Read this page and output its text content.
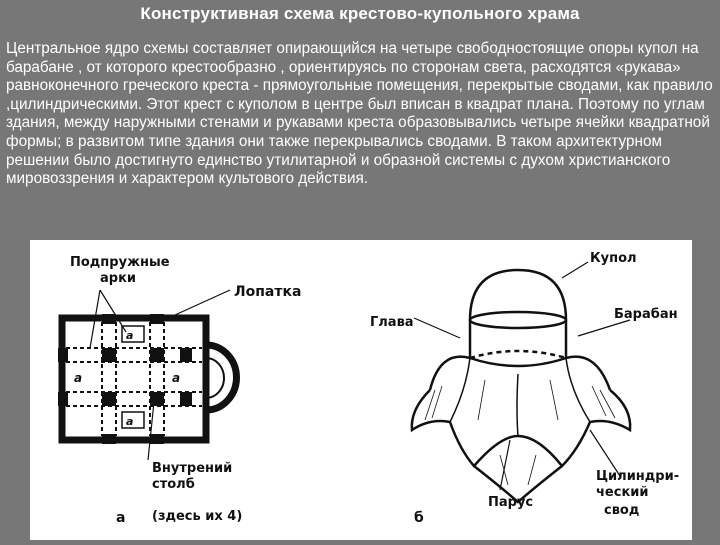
Конструктивная схема крестово-купольного храма

Центральное ядро схемы составляет опирающийся на четыре свободностоящие опоры купол на барабане , от которого крестообразно , ориентируясь по сторонам света, расходятся «рукава» равноконечного греческого креста - прямоугольные помещения, перекрытые сводами, как правило ,цилиндрическими. Этот крест с куполом в центре был вписан в квадрат плана. Поэтому по углам здания, между наружными стенами и рукавами креста образовывались четыре ячейки квадратной формы; в развитом типе здания они также перекрывались сводами. В таком архитектурном решении было достигнуто единство утилитарной и образной системы с духом христианского мировоззрения и характером культового действия.

Подпружные
арки
Лопатка
а
а
а	а
Внутрений
столб
(здесь их 4)
а
Купол
Глава
Барабан
Парус
Цилиндри-
ческий
свод
б
